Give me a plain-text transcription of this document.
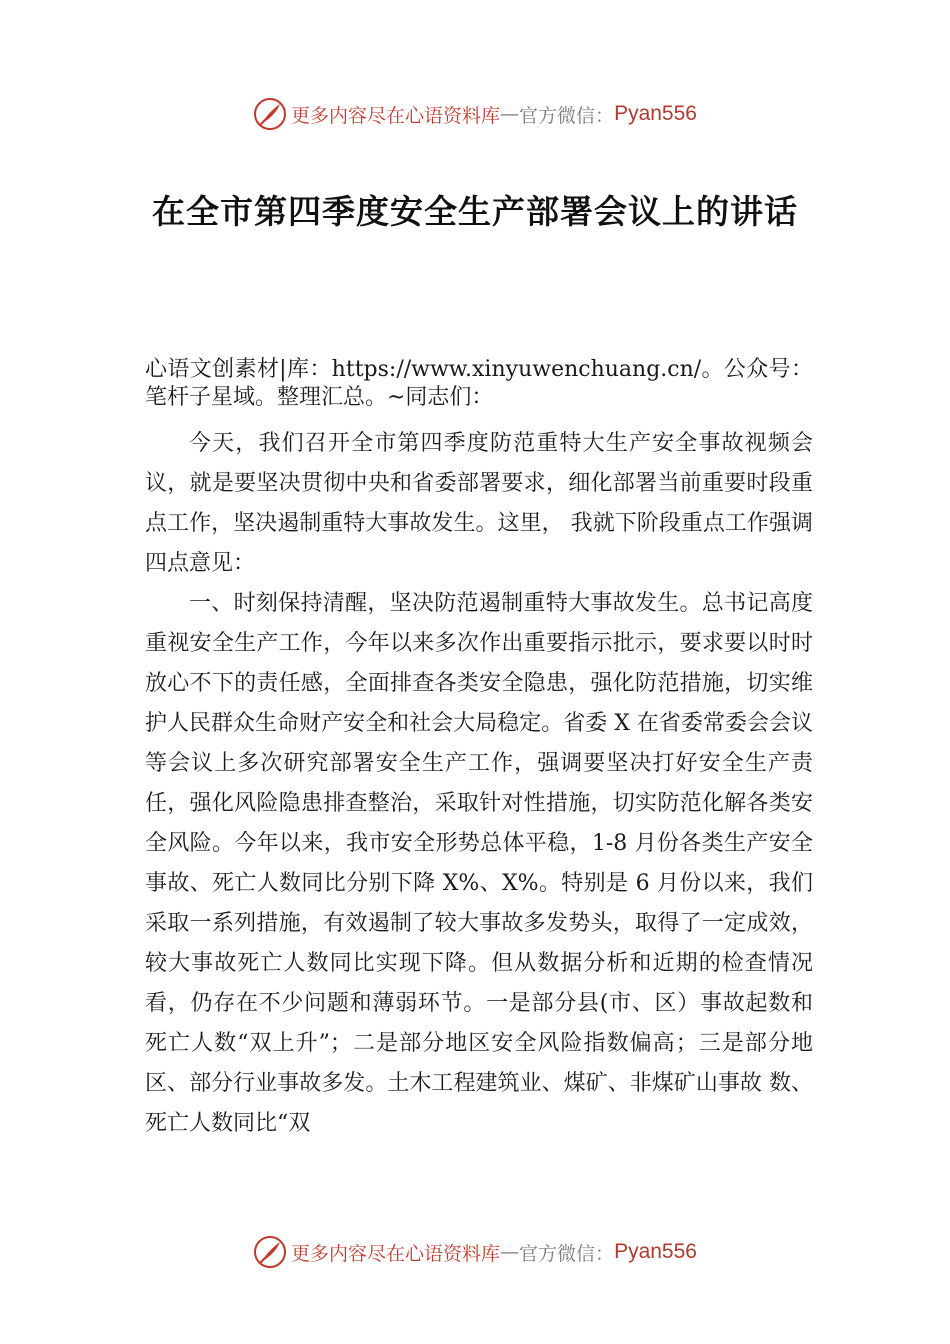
更多内容尽在心语资料库 — 官方微信： Pyan556
在全市第四季度安全生产部署会议上的讲话

心语文创素材|库：https://www.xinyuwenchuang.cn/。公众号：笔杆子星域。整理汇总。~同志们：

今天，我们召开全市第四季度防范重特大生产安全事故视频会议，就是要坚决贯彻中央和省委部署要求，细化部署当前重要时段重点工作，坚决遏制重特大事故发生。这里， 我就下阶段重点工作强调四点意见：

一、时刻保持清醒，坚决防范遏制重特大事故发生。总书记高度重视安全生产工作，今年以来多次作出重要指示批示，要求要以时时放心不下的责任感，全面排查各类安全隐患，强化防范措施，切实维护人民群众生命财产安全和社会大局稳定。省委 X 在省委常委会会议等会议上多次研究部署安全生产工作，强调要坚决打好安全生产责任，强化风险隐患排查整治，采取针对性措施，切实防范化解各类安全风险。今年以来，我市安全形势总体平稳，1-8 月份各类生产安全事故、死亡人数同比分别下降 X%、X%。特别是 6 月份以来，我们采取一系列措施，有效遏制了较大事故多发势头，取得了一定成效，较大事故死亡人数同比实现下降。但从数据分析和近期的检查情况看，仍存在不少问题和薄弱环节。一是部分县(市、区）事故起数和死亡人数“双上升”；二是部分地区安全风险指数偏高；三是部分地区、部分行业事故多发。土木工程建筑业、煤矿、非煤矿山事故 数、死亡人数同比“双

更多内容尽在心语资料库 — 官方微信： Pyan556
